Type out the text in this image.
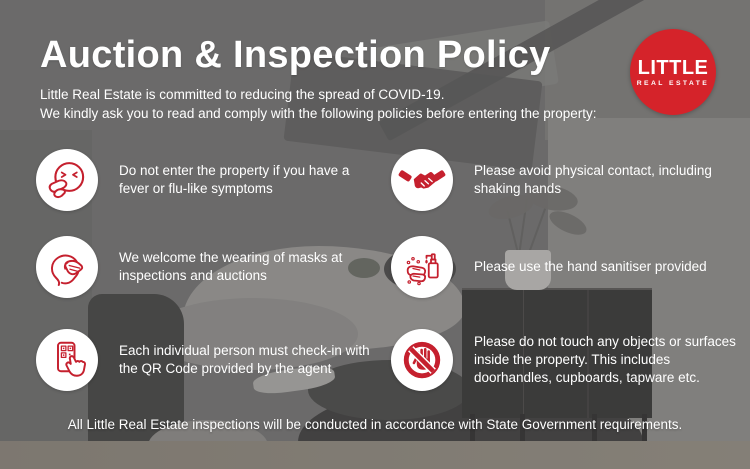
Auction & Inspection Policy
Little Real Estate is committed to reducing the spread of COVID-19.
We kindly ask you to read and comply with the following policies before entering the property:
LITTLE
REAL ESTATE
Do not enter the property if you have a fever or flu-like symptoms
Please avoid physical contact, including shaking hands
We welcome the wearing of masks at inspections and auctions
Please use the hand sanitiser provided
Each individual person must check-in with the QR Code provided by the agent
Please do not touch any objects or surfaces inside the property. This includes doorhandles, cupboards, tapware etc.
All Little Real Estate inspections will be conducted in accordance with State Government requirements.
